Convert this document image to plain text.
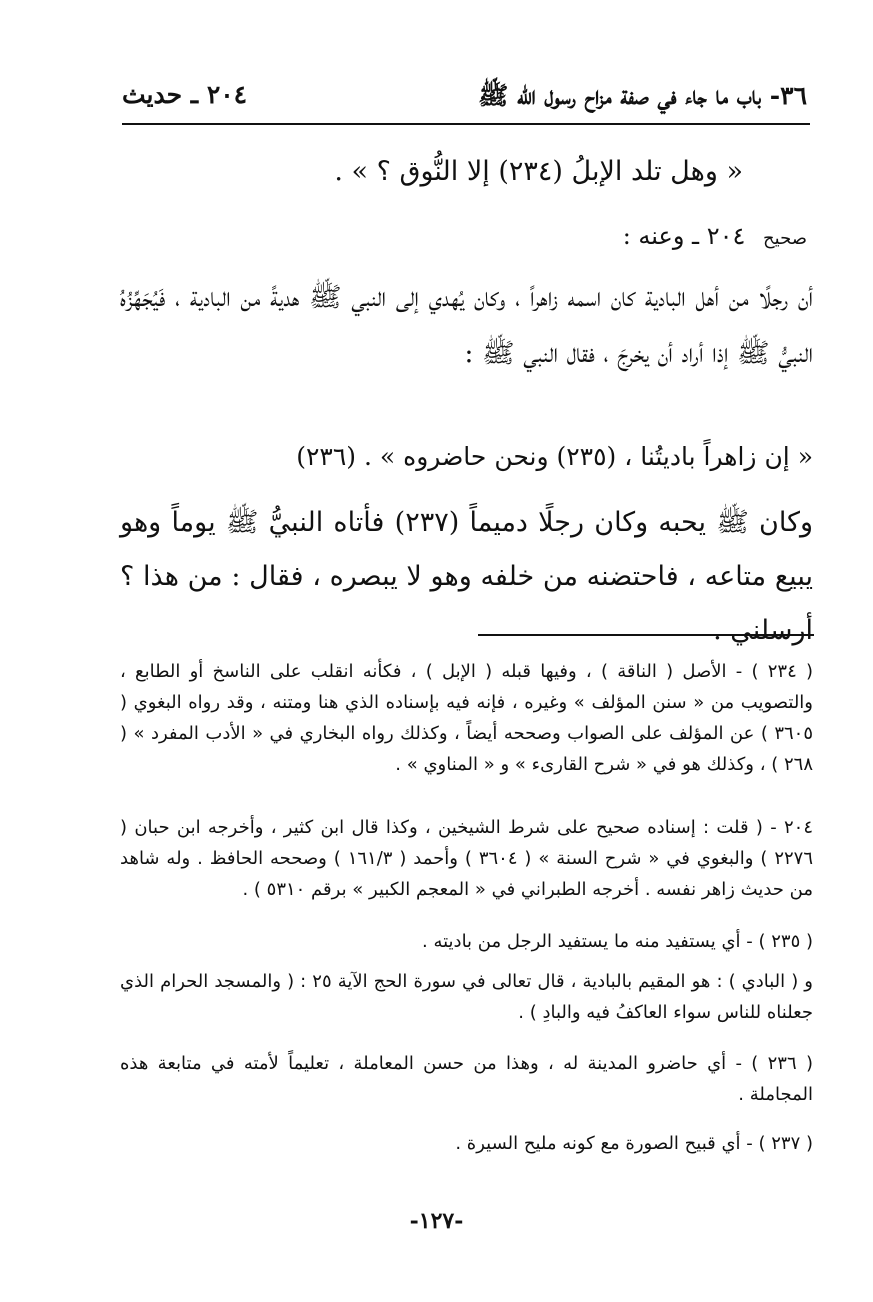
٣٦- باب ما جاء في صفة مزاح رسول الله ﷺ
٢٠٤ ـ حديث
« وهل تلد الإبلُ (٢٣٤) إلا النُّوق ؟ » .
صحيح ٢٠٤ ـ وعنه :
أن رجلًا من أهل البادية كان اسمه زاهراً ، وكان يُهدي إلى النبي ﷺ هديةً من البادية ، فَيُجَهِّزُهُ النبيُّ ﷺ إذا أراد أن يخرجَ ، فقال النبي ﷺ :
« إن زاهراً باديتُنا ، (٢٣٥) ونحن حاضروه » . (٢٣٦)
وكان ﷺ يحبه وكان رجلًا دميماً (٢٣٧) فأتاه النبيُّ ﷺ يوماً وهو يبيع متاعه ، فاحتضنه من خلفه وهو لا يبصره ، فقال : من هذا ؟ أرسلني .
( ٢٣٤ ) - الأصل ( الناقة ) ، وفيها قبله ( الإبل ) ، فكأنه انقلب على الناسخ أو الطابع ، والتصويب من « سنن المؤلف » وغيره ، فإنه فيه بإسناده الذي هنا ومتنه ، وقد رواه البغوي ( ٣٦٠٥ ) عن المؤلف على الصواب وصححه أيضاً ، وكذلك رواه البخاري في « الأدب المفرد » ( ٢٦٨ ) ، وكذلك هو في « شرح القارىء » و « المناوي » .
٢٠٤ - ( قلت : إسناده صحيح على شرط الشيخين ، وكذا قال ابن كثير ، وأخرجه ابن حبان ( ٢٢٧٦ ) والبغوي في « شرح السنة » ( ٣٦٠٤ ) وأحمد ( ١٦١/٣ ) وصححه الحافظ . وله شاهد من حديث زاهر نفسه . أخرجه الطبراني في « المعجم الكبير » برقم ٥٣١٠ ) .
( ٢٣٥ ) - أي يستفيد منه ما يستفيد الرجل من باديته .
و ( البادي ) : هو المقيم بالبادية ، قال تعالى في سورة الحج الآية ٢٥ : ( والمسجد الحرام الذي جعلناه للناس سواء العاكفُ فيه والبادِ ) .
( ٢٣٦ ) - أي حاضرو المدينة له ، وهذا من حسن المعاملة ، تعليماً لأمته في متابعة هذه المجاملة .
( ٢٣٧ ) - أي قبيح الصورة مع كونه مليح السيرة .
-١٢٧-
